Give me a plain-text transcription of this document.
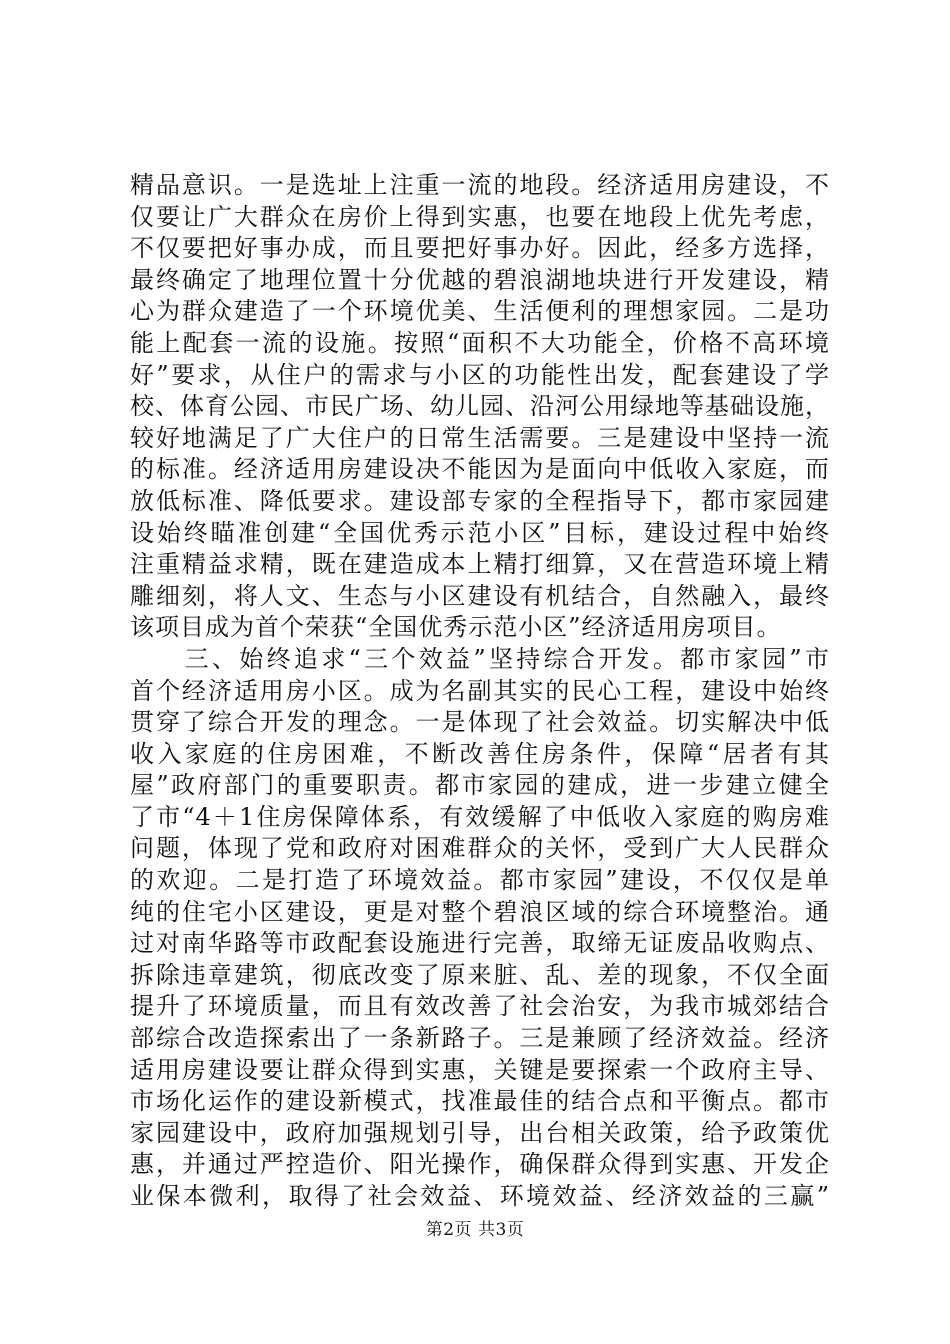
精品意识。一是选址上注重一流的地段。经济适用房建设，不
仅要让广大群众在房价上得到实惠，也要在地段上优先考虑，
不仅要把好事办成，而且要把好事办好。因此，经多方选择，
最终确定了地理位置十分优越的碧浪湖地块进行开发建设，精
心为群众建造了一个环境优美、生活便利的理想家园。二是功
能上配套一流的设施。按照“面积不大功能全，价格不高环境
好”要求，从住户的需求与小区的功能性出发，配套建设了学
校、体育公园、市民广场、幼儿园、沿河公用绿地等基础设施，
较好地满足了广大住户的日常生活需要。三是建设中坚持一流
的标准。经济适用房建设决不能因为是面向中低收入家庭，而
放低标准、降低要求。建设部专家的全程指导下，都市家园建
设始终瞄准创建“全国优秀示范小区”目标，建设过程中始终
注重精益求精，既在建造成本上精打细算，又在营造环境上精
雕细刻，将人文、生态与小区建设有机结合，自然融入，最终
该项目成为首个荣获“全国优秀示范小区”经济适用房项目。
　　三、始终追求“三个效益”坚持综合开发。都市家园”市
首个经济适用房小区。成为名副其实的民心工程，建设中始终
贯穿了综合开发的理念。一是体现了社会效益。切实解决中低
收入家庭的住房困难，不断改善住房条件，保障“居者有其
屋”政府部门的重要职责。都市家园的建成，进一步建立健全
了市“4＋1住房保障体系，有效缓解了中低收入家庭的购房难
问题，体现了党和政府对困难群众的关怀，受到广大人民群众
的欢迎。二是打造了环境效益。都市家园”建设，不仅仅是单
纯的住宅小区建设，更是对整个碧浪区域的综合环境整治。通
过对南华路等市政配套设施进行完善，取缔无证废品收购点、
拆除违章建筑，彻底改变了原来脏、乱、差的现象，不仅全面
提升了环境质量，而且有效改善了社会治安，为我市城郊结合
部综合改造探索出了一条新路子。三是兼顾了经济效益。经济
适用房建设要让群众得到实惠，关键是要探索一个政府主导、
市场化运作的建设新模式，找准最佳的结合点和平衡点。都市
家园建设中，政府加强规划引导，出台相关政策，给予政策优
惠，并通过严控造价、阳光操作，确保群众得到实惠、开发企
业保本微利，取得了社会效益、环境效益、经济效益的三赢”
第2页 共3页
